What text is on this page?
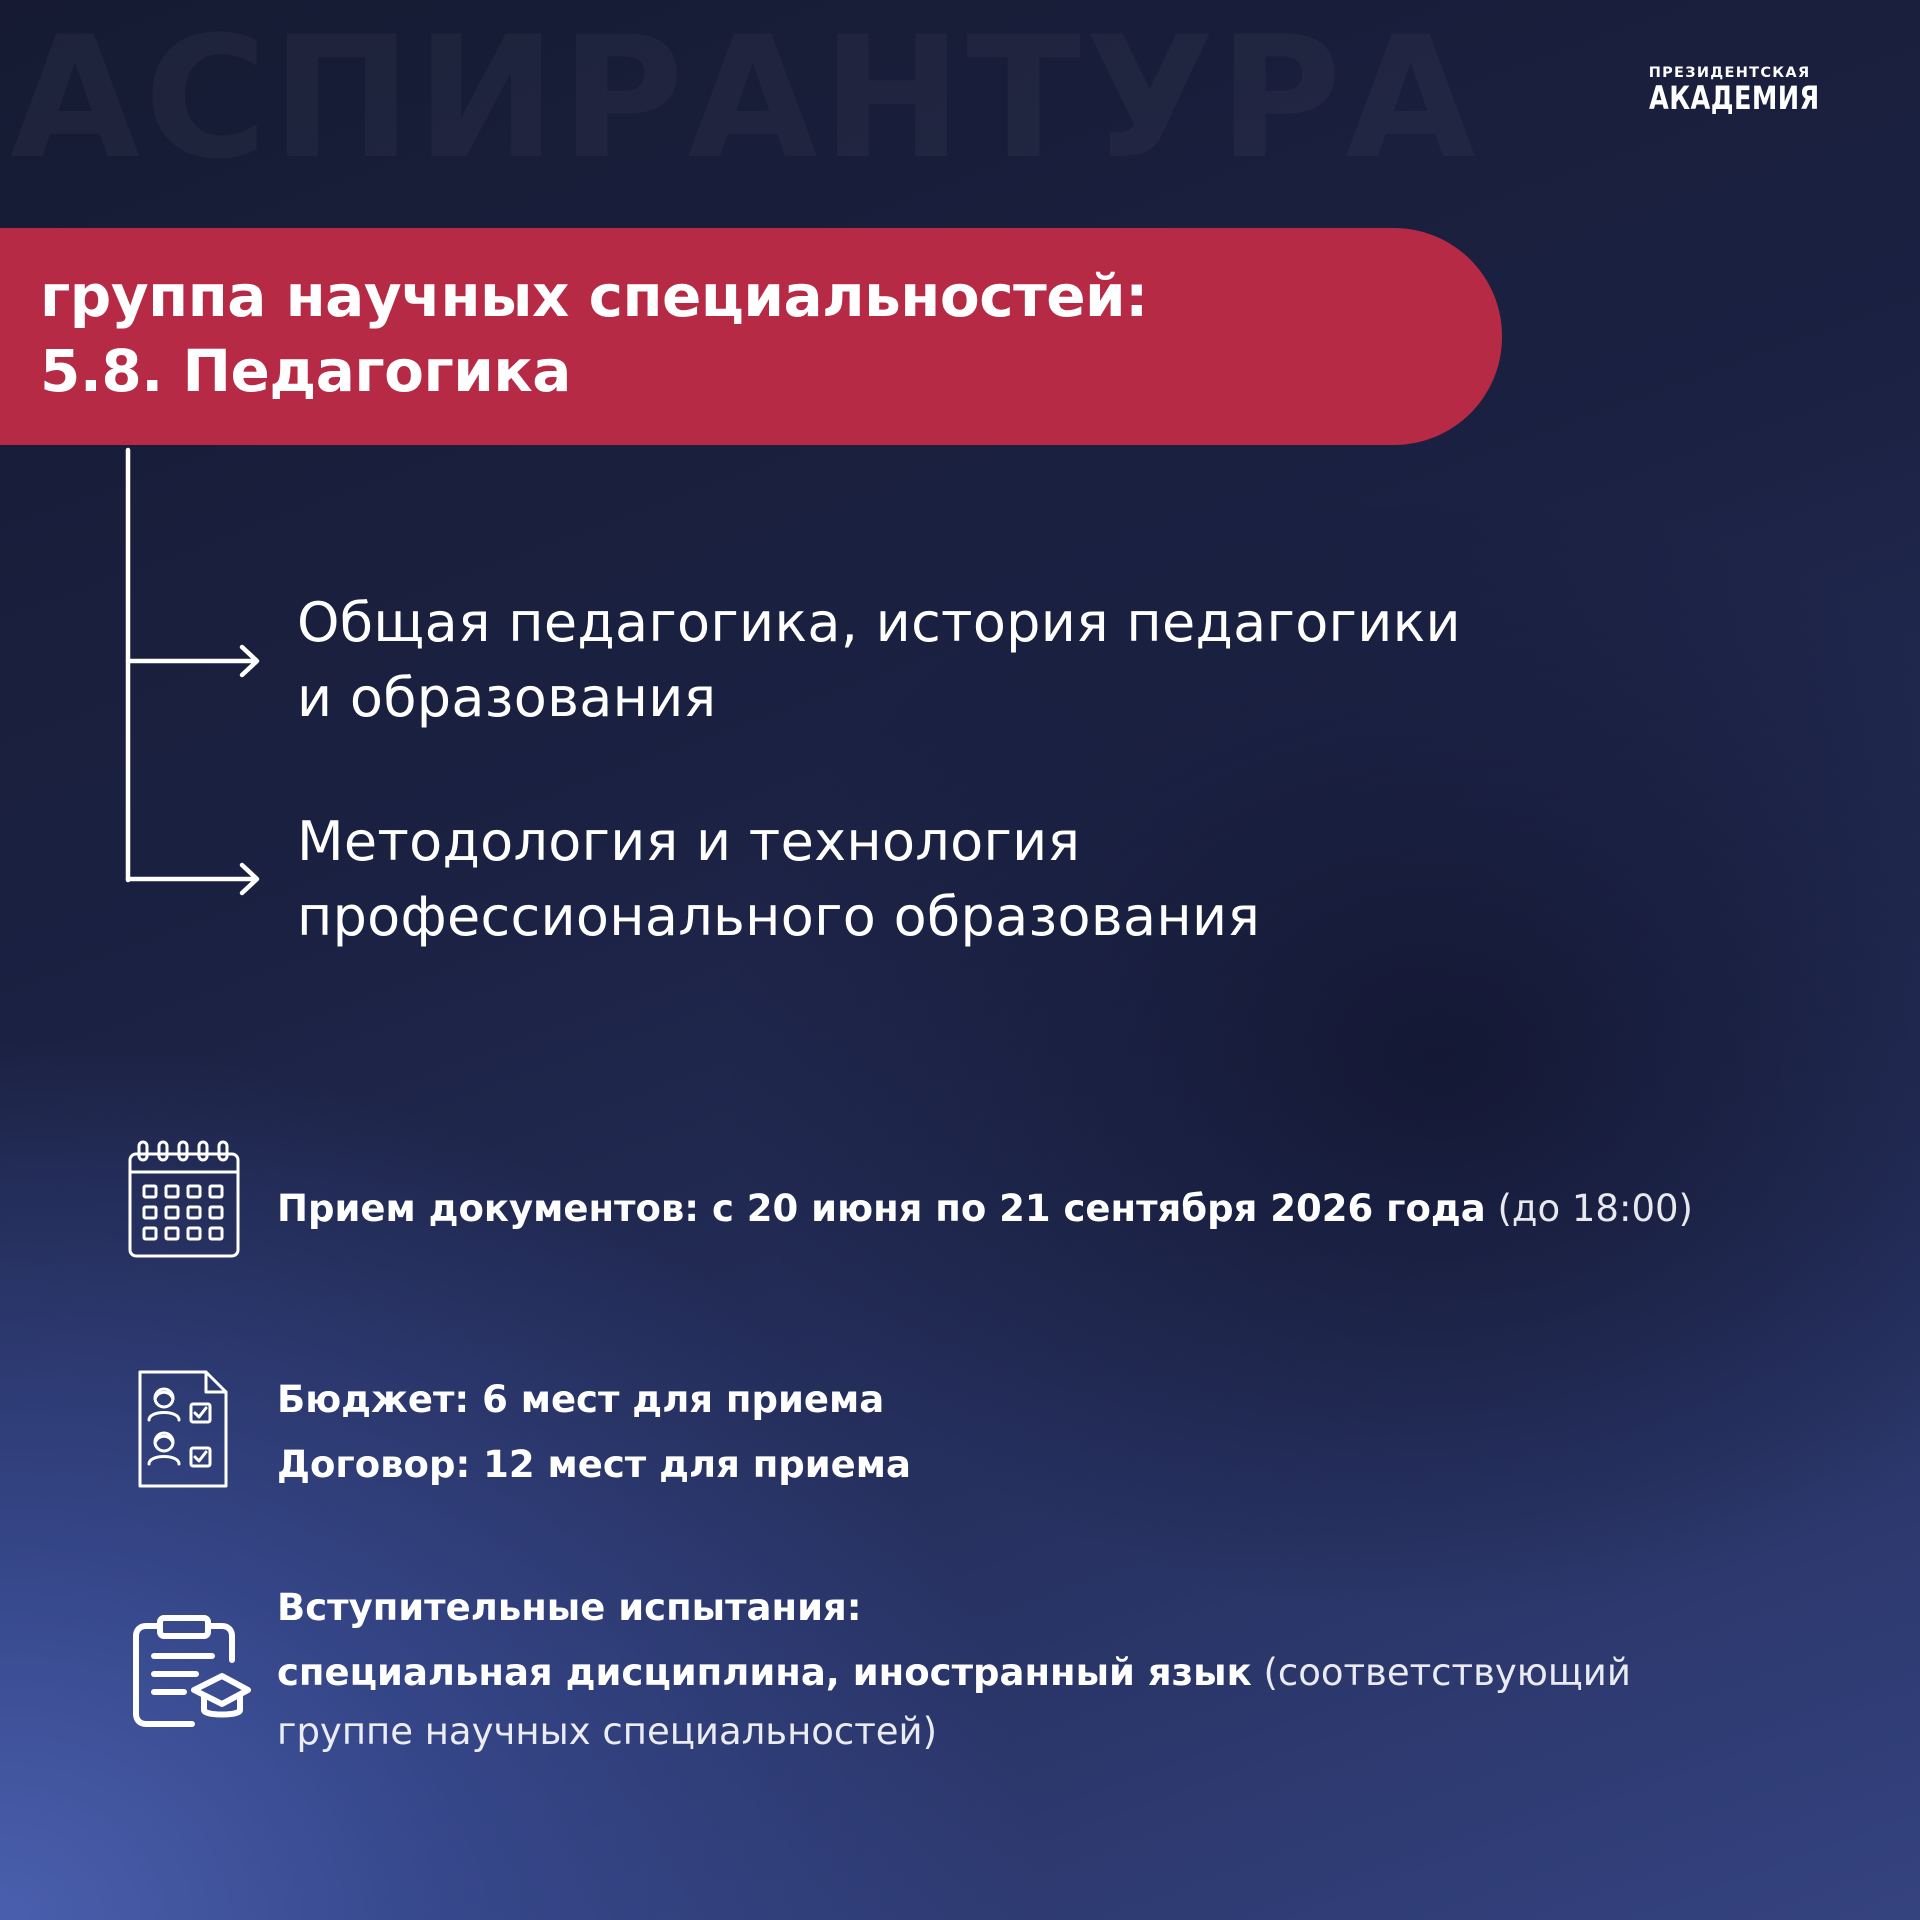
ПРЕЗИДЕНТСКАЯ
АКАДЕМИЯ
группа научных специальностей:
5.8. Педагогика

Общая педагогика, история педагогики

и образования

Методология и технология

профессионального образования

Прием документов: с 20 июня по 21 сентября 2026 года (до 18:00)

Бюджет: 6 мест для приема

Договор: 12 мест для приема

Вступительные испытания:

специальная дисциплина, иностранный язык (соответствующий

группе научных специальностей)
